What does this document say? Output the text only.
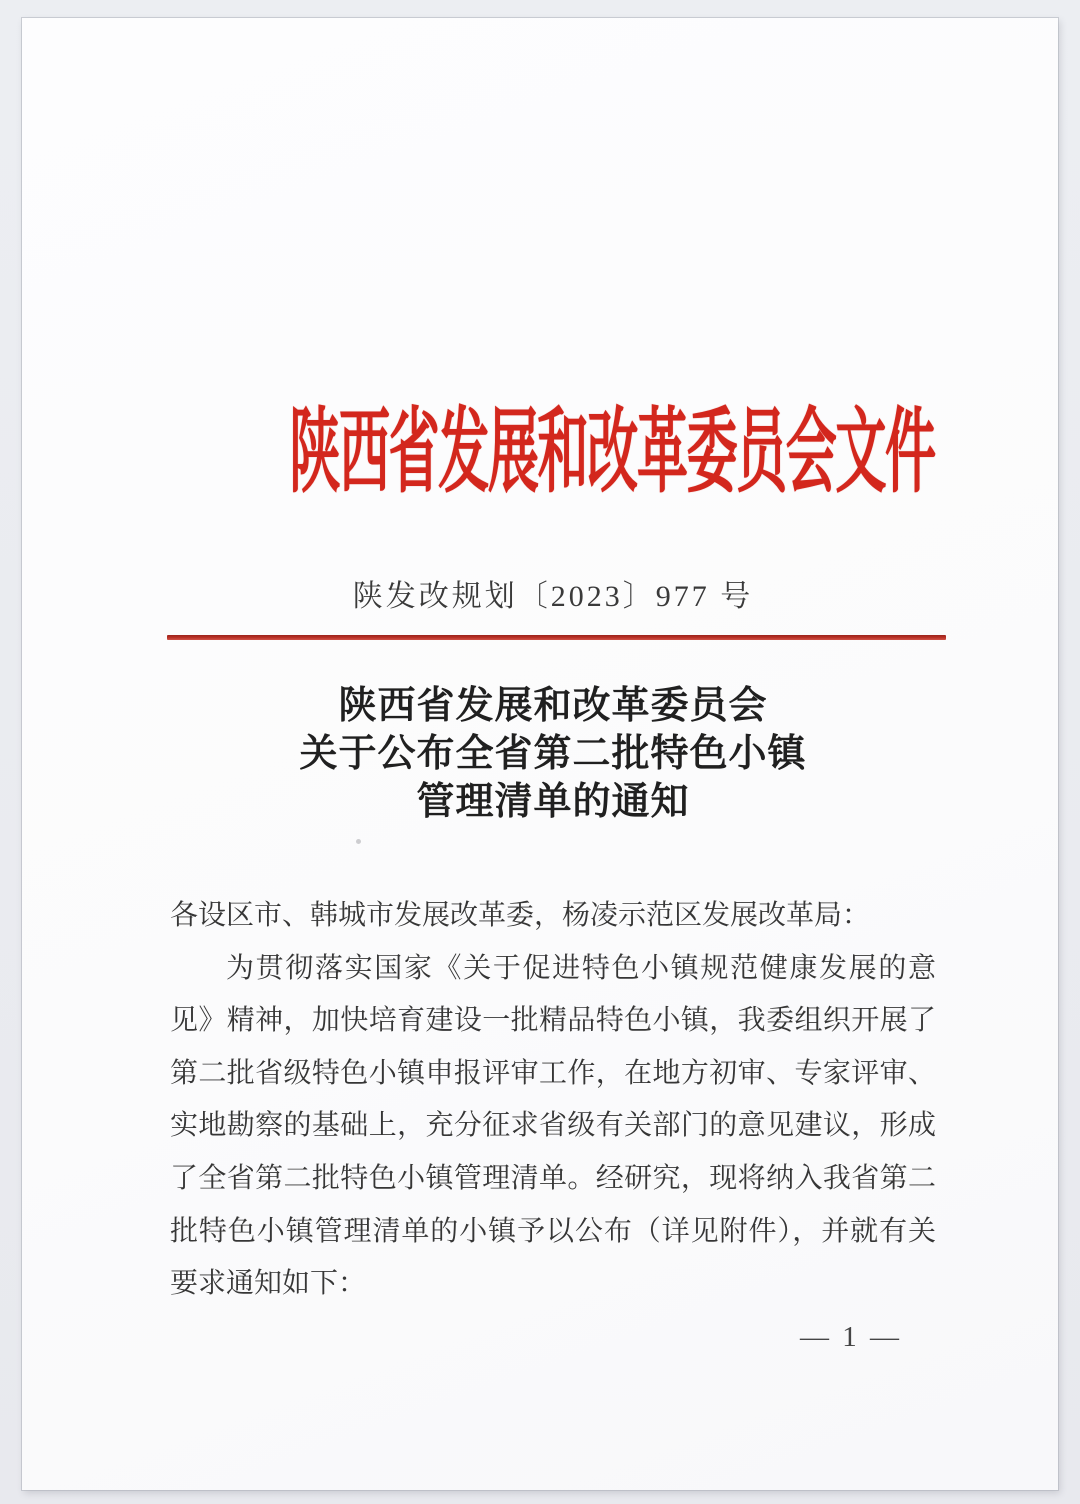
陕西省发展和改革委员会文件
陕发改规划〔2023〕977 号
陕西省发展和改革委员会
关于公布全省第二批特色小镇
管理清单的通知
各设区市、韩城市发展改革委，杨凌示范区发展改革局：
为贯彻落实国家《关于促进特色小镇规范健康发展的意
见》精神，加快培育建设一批精品特色小镇，我委组织开展了
第二批省级特色小镇申报评审工作，在地方初审、专家评审、
实地勘察的基础上，充分征求省级有关部门的意见建议，形成
了全省第二批特色小镇管理清单。经研究，现将纳入我省第二
批特色小镇管理清单的小镇予以公布（详见附件），并就有关
要求通知如下：
— 1 —
